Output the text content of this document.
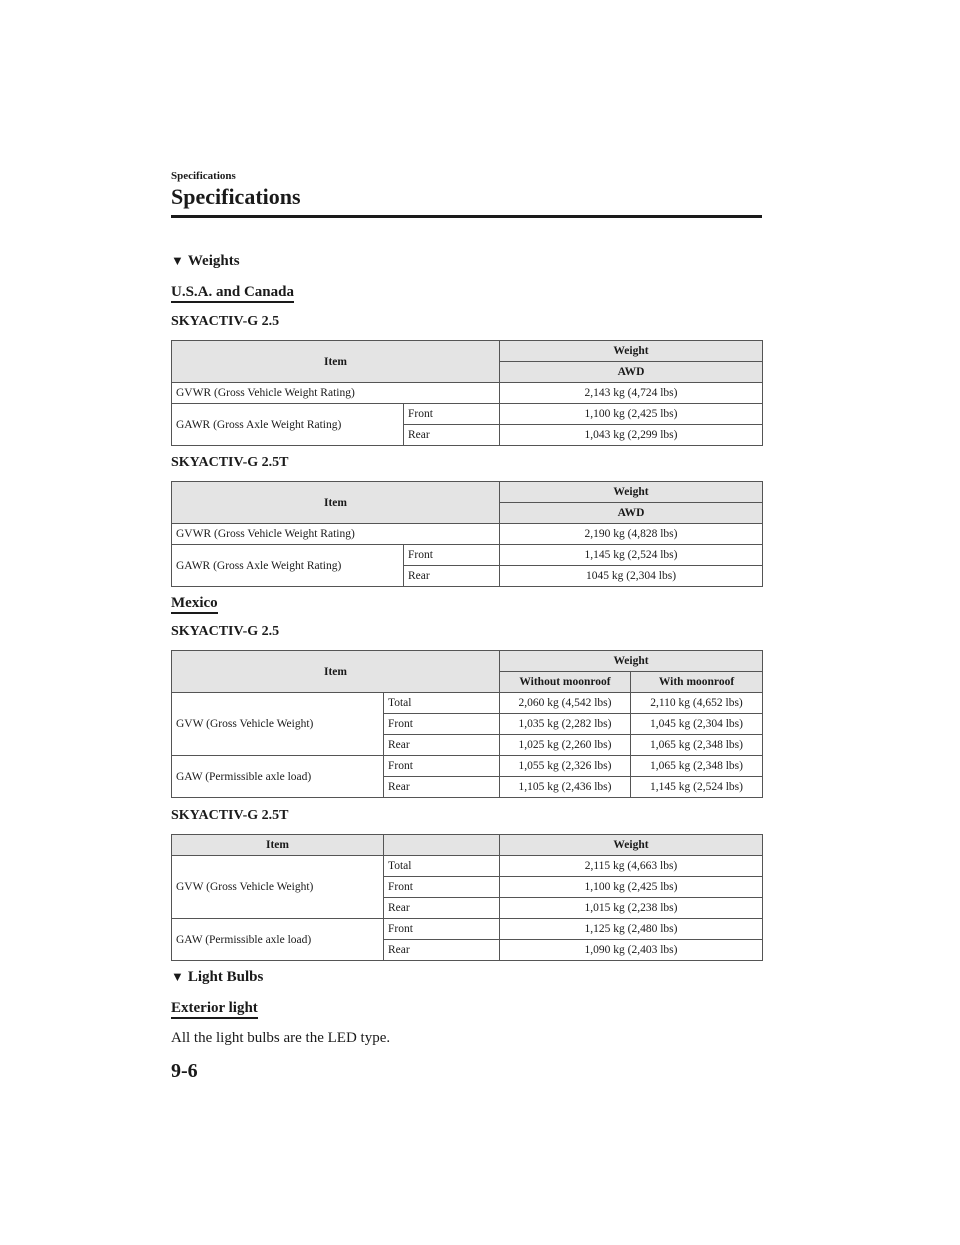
Specifications
Specifications
▼ Weights
U.S.A. and Canada
SKYACTIV-G 2.5
Item		Weight
		AWD
GVWR (Gross Vehicle Weight Rating)		2,143 kg (4,724 lbs)
GAWR (Gross Axle Weight Rating)	Front	1,100 kg (2,425 lbs)
	Rear	1,043 kg (2,299 lbs)
SKYACTIV-G 2.5T
Item		Weight
		AWD
GVWR (Gross Vehicle Weight Rating)		2,190 kg (4,828 lbs)
GAWR (Gross Axle Weight Rating)	Front	1,145 kg (2,524 lbs)
	Rear	1045 kg (2,304 lbs)
Mexico
SKYACTIV-G 2.5
Item		Weight	
		Without moonroof	With moonroof
GVW (Gross Vehicle Weight)	Total	2,060 kg (4,542 lbs)	2,110 kg (4,652 lbs)
	Front	1,035 kg (2,282 lbs)	1,045 kg (2,304 lbs)
	Rear	1,025 kg (2,260 lbs)	1,065 kg (2,348 lbs)
GAW (Permissible axle load)	Front	1,055 kg (2,326 lbs)	1,065 kg (2,348 lbs)
	Rear	1,105 kg (2,436 lbs)	1,145 kg (2,524 lbs)
SKYACTIV-G 2.5T
Item		Weight
GVW (Gross Vehicle Weight)	Total	2,115 kg (4,663 lbs)
	Front	1,100 kg (2,425 lbs)
	Rear	1,015 kg (2,238 lbs)
GAW (Permissible axle load)	Front	1,125 kg (2,480 lbs)
	Rear	1,090 kg (2,403 lbs)
▼ Light Bulbs
Exterior light
All the light bulbs are the LED type.
9-6
